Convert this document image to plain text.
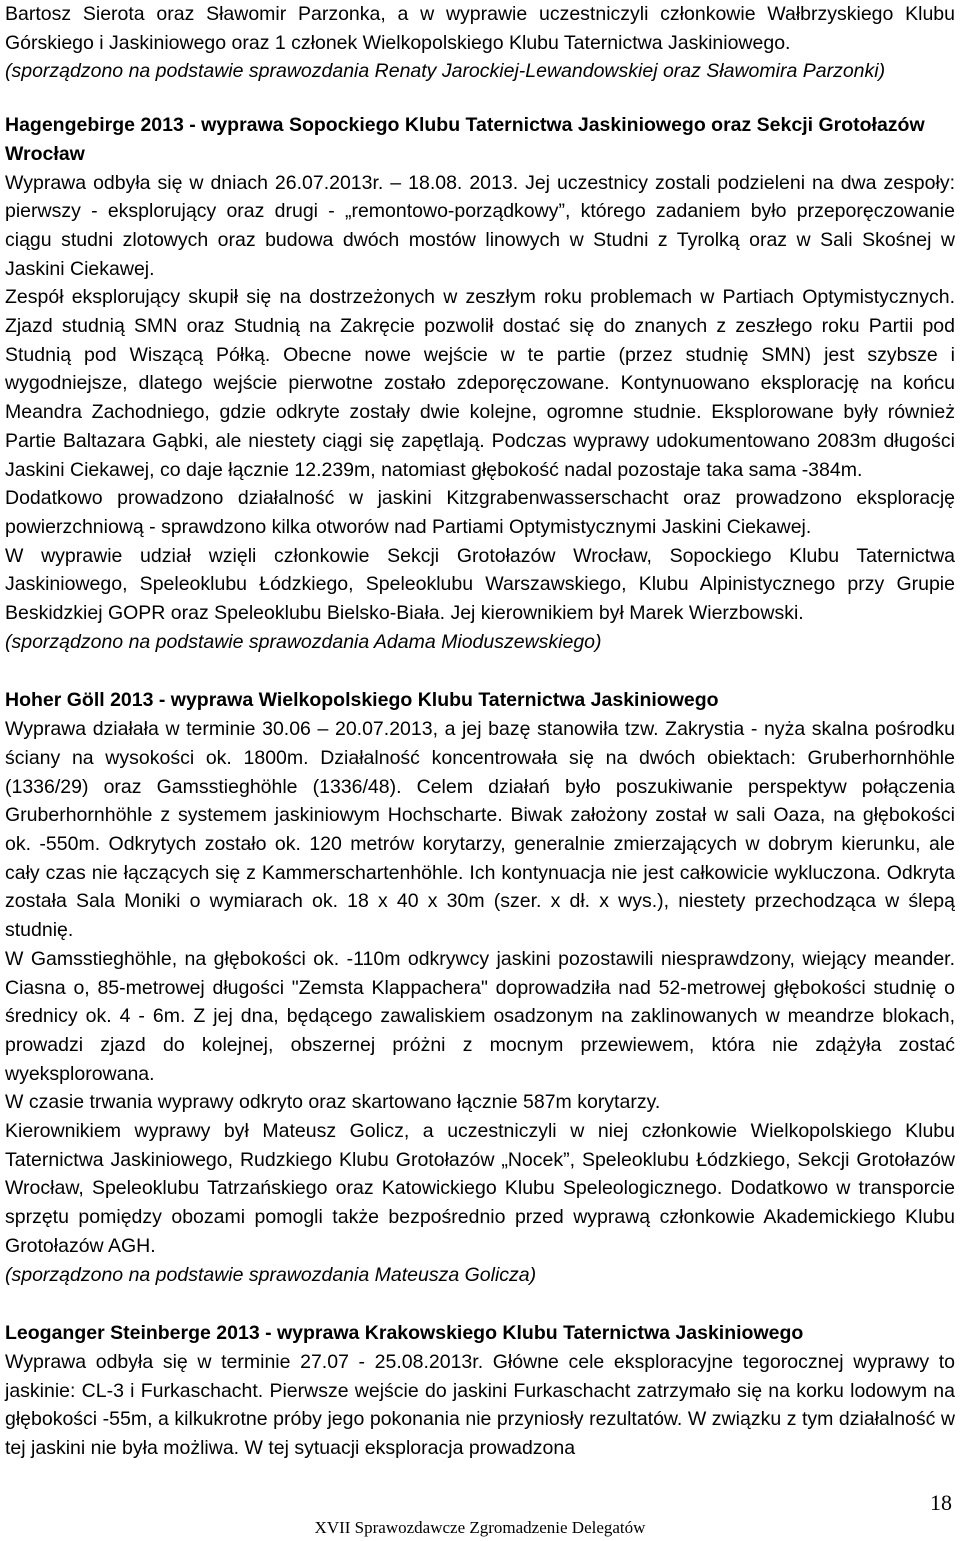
Bartosz Sierota oraz Sławomir Parzonka, a w wyprawie uczestniczyli członkowie Wałbrzyskiego Klubu Górskiego i Jaskiniowego oraz 1 członek Wielkopolskiego Klubu Taternictwa Jaskiniowego.

(sporządzono na podstawie sprawozdania Renaty Jarockiej-Lewandowskiej oraz Sławomira Parzonki)

Hagengebirge 2013 - wyprawa Sopockiego Klubu Taternictwa Jaskiniowego oraz Sekcji Grotołazów Wrocław

Wyprawa odbyła się w dniach 26.07.2013r. – 18.08. 2013. Jej uczestnicy zostali podzieleni na dwa zespoły: pierwszy - eksplorujący oraz drugi - „remontowo-porządkowy”, którego zadaniem było przeporęczowanie ciągu studni zlotowych oraz budowa dwóch mostów linowych w Studni z Tyrolką oraz w Sali Skośnej w Jaskini Ciekawej.

Zespół eksplorujący skupił się na dostrzeżonych w zeszłym roku problemach w Partiach Optymistycznych. Zjazd studnią SMN oraz Studnią na Zakręcie pozwolił dostać się do znanych z zeszłego roku Partii pod Studnią pod Wiszącą Półką. Obecne nowe wejście w te partie (przez studnię SMN) jest szybsze i wygodniejsze, dlatego wejście pierwotne zostało zdeporęczowane. Kontynuowano eksplorację na końcu Meandra Zachodniego, gdzie odkryte zostały dwie kolejne, ogromne studnie. Eksplorowane były również Partie Baltazara Gąbki, ale niestety ciągi się zapętlają. Podczas wyprawy udokumentowano 2083m długości Jaskini Ciekawej, co daje łącznie 12.239m, natomiast głębokość nadal pozostaje taka sama -384m.

Dodatkowo prowadzono działalność w jaskini Kitzgrabenwasserschacht oraz prowadzono eksplorację powierzchniową - sprawdzono kilka otworów nad Partiami Optymistycznymi Jaskini Ciekawej.

W wyprawie udział wzięli członkowie Sekcji Grotołazów Wrocław, Sopockiego Klubu Taternictwa Jaskiniowego, Speleoklubu Łódzkiego, Speleoklubu Warszawskiego, Klubu Alpinistycznego przy Grupie Beskidzkiej GOPR oraz Speleoklubu Bielsko-Biała. Jej kierownikiem był Marek Wierzbowski.

(sporządzono na podstawie sprawozdania Adama Mioduszewskiego)

Hoher Göll 2013 - wyprawa Wielkopolskiego Klubu Taternictwa Jaskiniowego

Wyprawa działała w terminie 30.06 – 20.07.2013, a jej bazę stanowiła tzw. Zakrystia - nyża skalna pośrodku ściany na wysokości ok. 1800m. Działalność koncentrowała się na dwóch obiektach: Gruberhornhöhle (1336/29) oraz Gamsstieghöhle (1336/48). Celem działań było poszukiwanie perspektyw połączenia Gruberhornhöhle z systemem jaskiniowym Hochscharte. Biwak założony został w sali Oaza, na głębokości ok. -550m. Odkrytych zostało ok. 120 metrów korytarzy, generalnie zmierzających w dobrym kierunku, ale cały czas nie łączących się z Kammerschartenhöhle. Ich kontynuacja nie jest całkowicie wykluczona. Odkryta została Sala Moniki o wymiarach ok. 18 x 40 x 30m (szer. x dł. x wys.), niestety przechodząca w ślepą studnię.

W Gamsstieghöhle, na głębokości ok. -110m odkrywcy jaskini pozostawili niesprawdzony, wiejący meander. Ciasna o, 85-metrowej długości "Zemsta Klappachera" doprowadziła nad 52-metrowej głębokości studnię o średnicy ok. 4 - 6m. Z jej dna, będącego zawaliskiem osadzonym na zaklinowanych w meandrze blokach, prowadzi zjazd do kolejnej, obszernej próżni z mocnym przewiewem, która nie zdążyła zostać wyeksplorowana.

W czasie trwania wyprawy odkryto oraz skartowano łącznie 587m korytarzy.

Kierownikiem wyprawy był Mateusz Golicz, a uczestniczyli w niej członkowie Wielkopolskiego Klubu Taternictwa Jaskiniowego, Rudzkiego Klubu Grotołazów „Nocek”, Speleoklubu Łódzkiego, Sekcji Grotołazów Wrocław, Speleoklubu Tatrzańskiego oraz Katowickiego Klubu Speleologicznego. Dodatkowo w transporcie sprzętu pomiędzy obozami pomogli także bezpośrednio przed wyprawą członkowie Akademickiego Klubu Grotołazów AGH.

(sporządzono na podstawie sprawozdania Mateusza Golicza)

Leoganger Steinberge 2013 - wyprawa Krakowskiego Klubu Taternictwa Jaskiniowego

Wyprawa odbyła się w terminie 27.07 - 25.08.2013r. Główne cele eksploracyjne tegorocznej wyprawy to jaskinie: CL-3 i Furkaschacht. Pierwsze wejście do jaskini Furkaschacht zatrzymało się na korku lodowym na głębokości -55m, a kilkukrotne próby jego pokonania nie przyniosły rezultatów. W związku z tym działalność w tej jaskini nie była możliwa. W tej sytuacji eksploracja prowadzona

18
XVII Sprawozdawcze Zgromadzenie Delegatów
